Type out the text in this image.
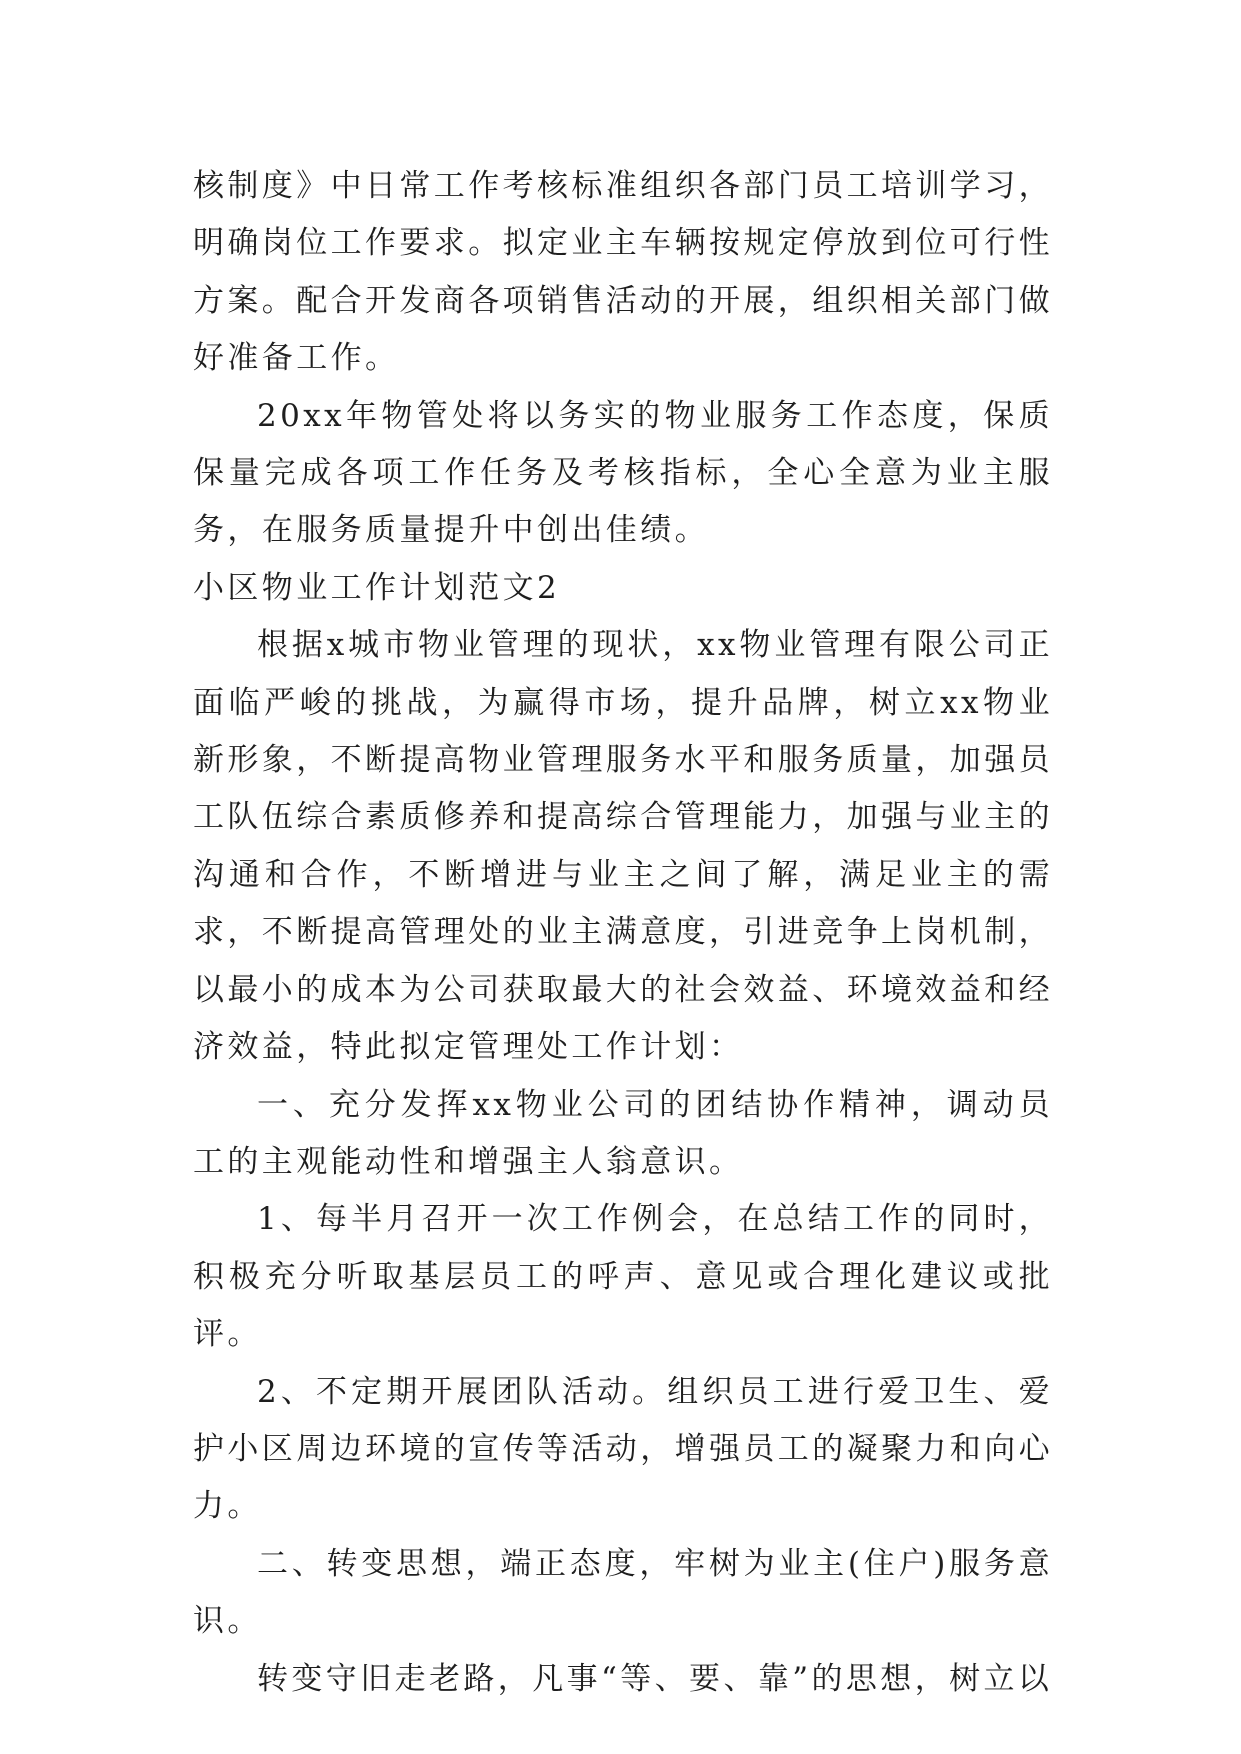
核制度》中日常工作考核标准组织各部门员工培训学习，明确岗位工作要求。拟定业主车辆按规定停放到位可行性方案。配合开发商各项销售活动的开展，组织相关部门做好准备工作。

20xx年物管处将以务实的物业服务工作态度，保质保量完成各项工作任务及考核指标，全心全意为业主服务，在服务质量提升中创出佳绩。

小区物业工作计划范文2

根据x城市物业管理的现状，xx物业管理有限公司正面临严峻的挑战，为赢得市场，提升品牌，树立xx物业新形象，不断提高物业管理服务水平和服务质量，加强员工队伍综合素质修养和提高综合管理能力，加强与业主的沟通和合作，不断增进与业主之间了解，满足业主的需求，不断提高管理处的业主满意度，引进竞争上岗机制，以最小的成本为公司获取最大的社会效益、环境效益和经济效益，特此拟定管理处工作计划：

一、充分发挥xx物业公司的团结协作精神，调动员工的主观能动性和增强主人翁意识。

1、每半月召开一次工作例会，在总结工作的同时，积极充分听取基层员工的呼声、意见或合理化建议或批评。

2、不定期开展团队活动。组织员工进行爱卫生、爱护小区周边环境的宣传等活动，增强员工的凝聚力和向心力。

二、转变思想，端正态度，牢树为业主(住户)服务意识。

转变守旧走老路，凡事“等、要、靠”的思想，树立以
